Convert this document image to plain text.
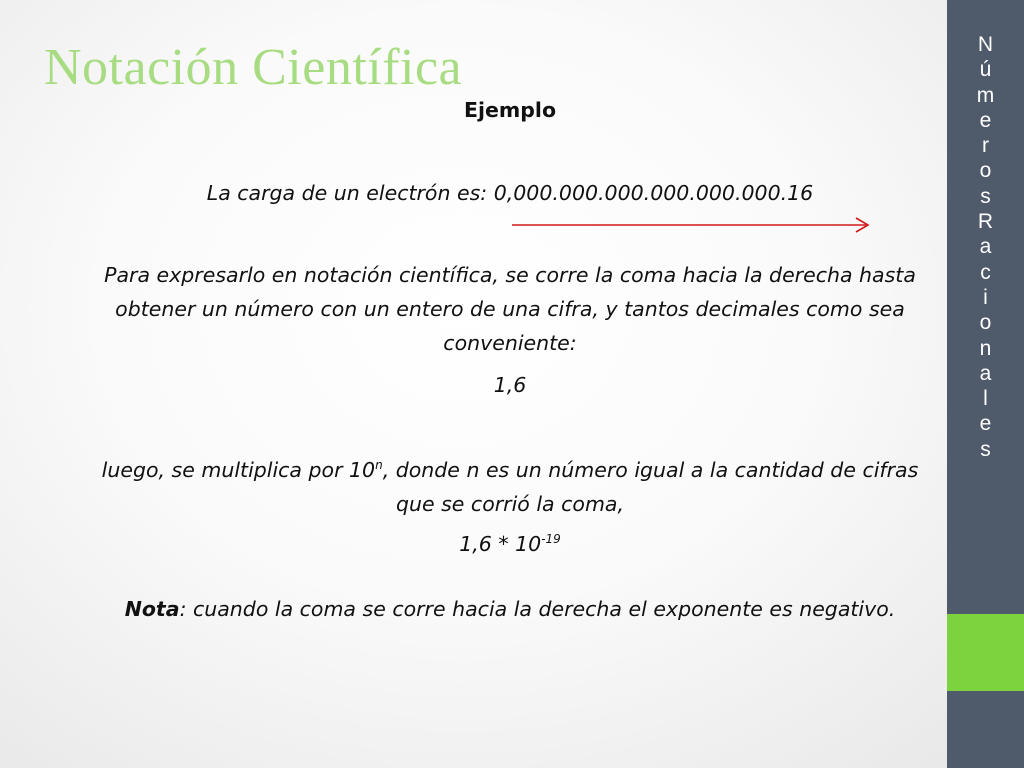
Notación Científica
Ejemplo
La carga de un electrón es: 0,000.000.000.000.000.000.16
Para expresarlo en notación científica, se corre la coma hacia la derecha hasta obtener un número con un entero de una cifra, y tantos decimales como sea conveniente:
1,6
luego, se multiplica por 10$^n$, donde n es un número igual a la cantidad de cifras que se corrió la coma,
$1,6 * 10^{-19}$
Nota: cuando la coma se corre hacia la derecha el exponente es negativo.
N
ú
m
e
r
o
s
R
a
c
i
o
n
a
l
e
s
